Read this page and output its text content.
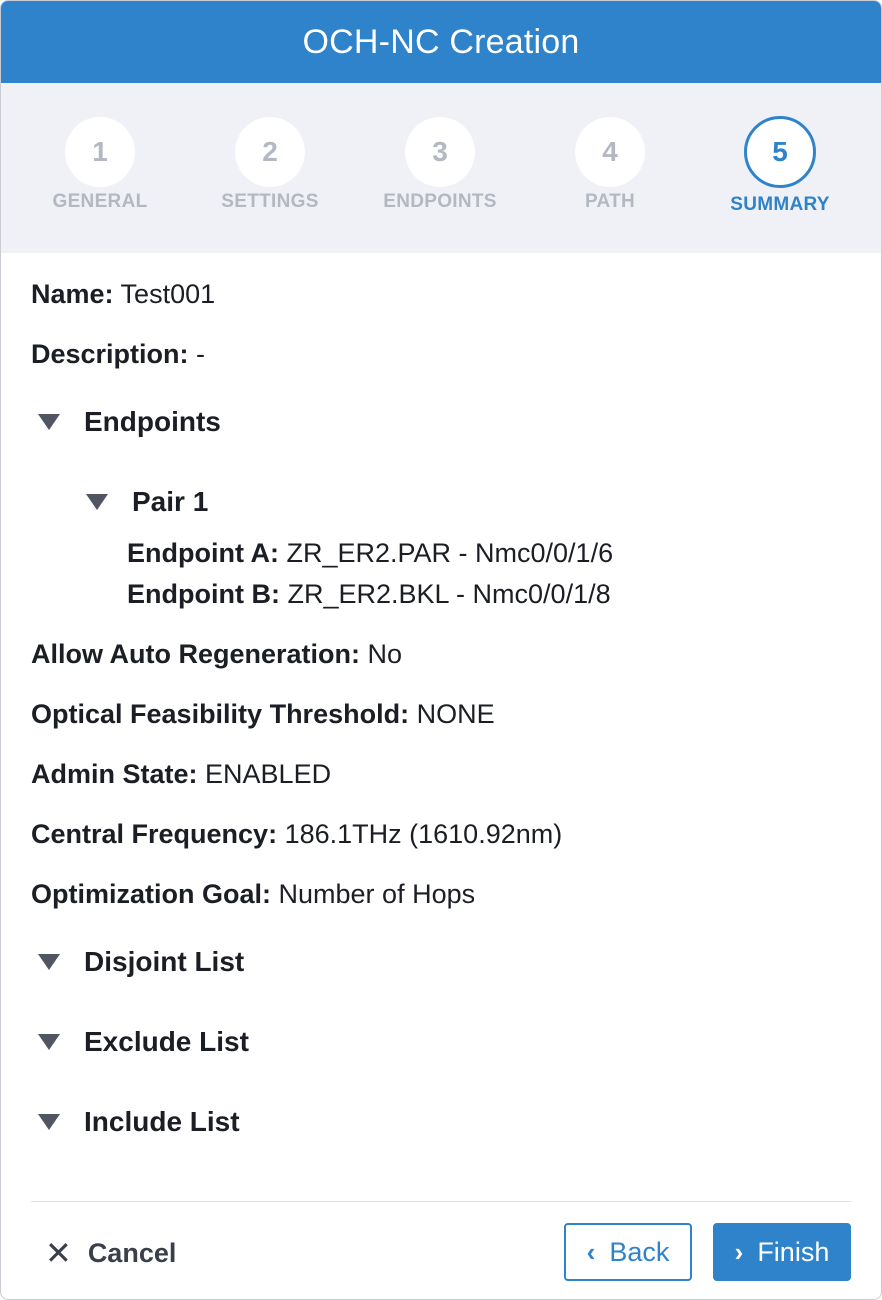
OCH-NC Creation
1
GENERAL
2
SETTINGS
3
ENDPOINTS
4
PATH
5
SUMMARY
Name: Test001
Description: -
Endpoints
Pair 1
Endpoint A: ZR_ER2.PAR - Nmc0/0/1/6
Endpoint B: ZR_ER2.BKL - Nmc0/0/1/8
Allow Auto Regeneration: No
Optical Feasibility Threshold: NONE
Admin State: ENABLED
Central Frequency: 186.1THz (1610.92nm)
Optimization Goal: Number of Hops
Disjoint List
Exclude List
Include List
✕ Cancel	‹ Back	› Finish
